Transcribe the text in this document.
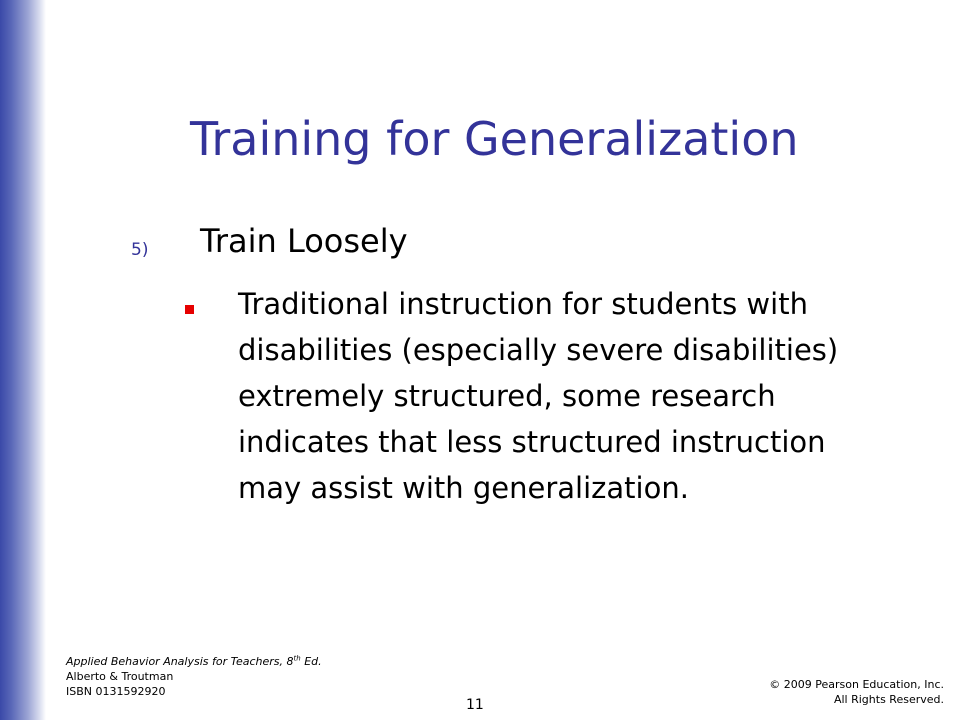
Training for Generalization
5) Train Loosely

Traditional instruction for students with
disabilities (especially severe disabilities)
extremely structured, some research
indicates that less structured instruction
may assist with generalization.

Applied Behavior Analysis for Teachers, 8th Ed.
Alberto & Troutman
ISBN 0131592920
11
© 2009 Pearson Education, Inc.
All Rights Reserved.
